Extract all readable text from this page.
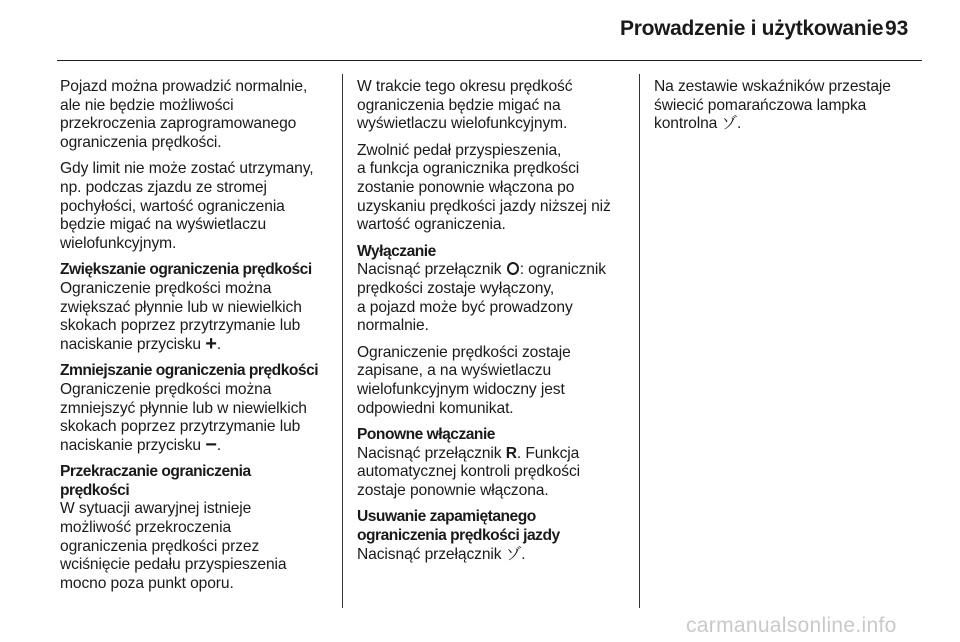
Prowadzenie i użytkowanie 93

Pojazd można prowadzić normalnie,
ale nie będzie możliwości
przekroczenia zaprogramowanego
ograniczenia prędkości.

Gdy limit nie może zostać utrzymany,
np. podczas zjazdu ze stromej
pochyłości, wartość ograniczenia
będzie migać na wyświetlaczu
wielofunkcyjnym.

Zwiększanie ograniczenia prędkości
Ograniczenie prędkości można
zwiększać płynnie lub w niewielkich
skokach poprzez przytrzymanie lub
naciskanie przycisku +.

Zmniejszanie ograniczenia prędkości
Ograniczenie prędkości można
zmniejszyć płynnie lub w niewielkich
skokach poprzez przytrzymanie lub
naciskanie przycisku −.

Przekraczanie ograniczenia
prędkości
W sytuacji awaryjnej istnieje
możliwość przekroczenia
ograniczenia prędkości przez
wciśnięcie pedału przyspieszenia
mocno poza punkt oporu.

W trakcie tego okresu prędkość
ograniczenia będzie migać na
wyświetlaczu wielofunkcyjnym.

Zwolnić pedał przyspieszenia,
a funkcja ogranicznika prędkości
zostanie ponownie włączona po
uzyskaniu prędkości jazdy niższej niż
wartość ograniczenia.

Wyłączanie
Nacisnąć przełącznik : ogranicznik
prędkości zostaje wyłączony,
a pojazd może być prowadzony
normalnie.

Ograniczenie prędkości zostaje
zapisane, a na wyświetlaczu
wielofunkcyjnym widoczny jest
odpowiedni komunikat.

Ponowne włączanie
Nacisnąć przełącznik R. Funkcja
automatycznej kontroli prędkości
zostaje ponownie włączona.

Usuwanie zapamiętanego
ograniczenia prędkości jazdy
Nacisnąć przełącznik ゾ.

Na zestawie wskaźników przestaje
świecić pomarańczowa lampka
kontrolna ゾ.

carmanualsonline.info
